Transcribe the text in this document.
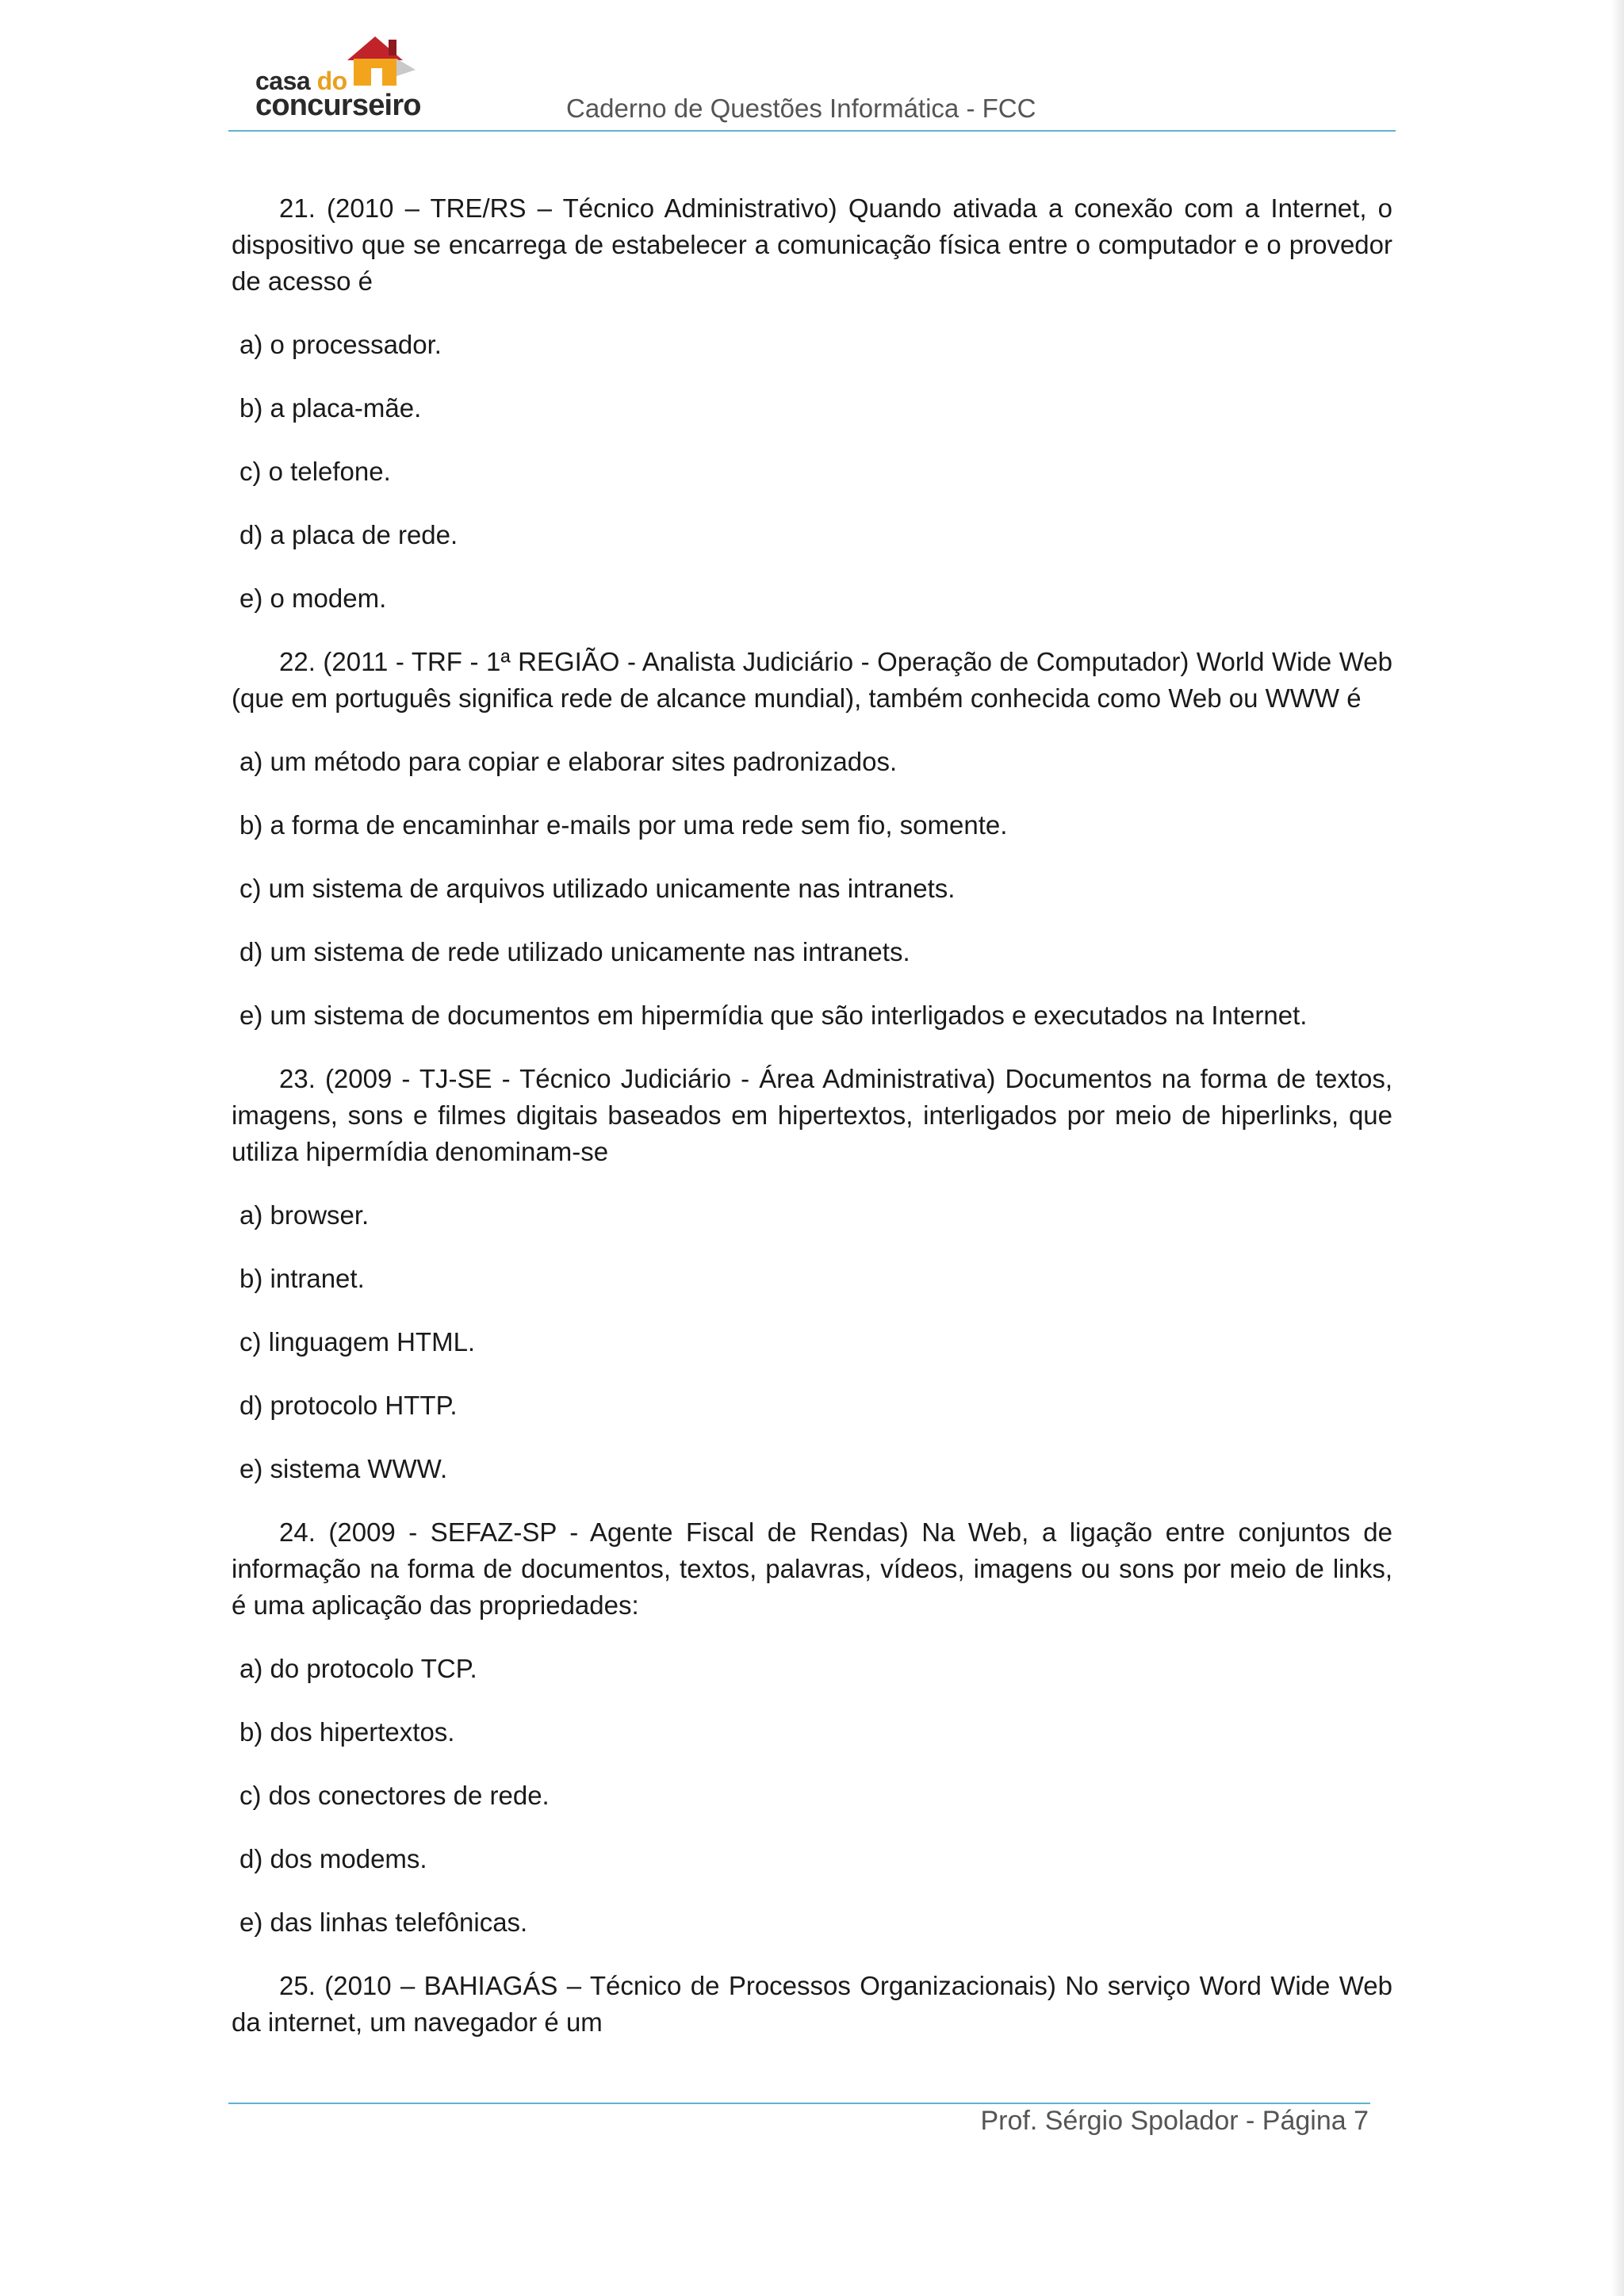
casa do
concurseiro	Caderno de Questões Informática - FCC

21. (2010 – TRE/RS – Técnico Administrativo) Quando ativada a conexão com a Internet, o dispositivo que se encarrega de estabelecer a comunicação física entre o computador e o provedor de acesso é

a) o processador.

b) a placa-mãe.

c) o telefone.

d) a placa de rede.

e) o modem.

22. (2011 - TRF - 1ª REGIÃO - Analista Judiciário - Operação de Computador) World Wide Web (que em português significa rede de alcance mundial), também conhecida como Web ou WWW é

a) um método para copiar e elaborar sites padronizados.

b) a forma de encaminhar e-mails por uma rede sem fio, somente.

c) um sistema de arquivos utilizado unicamente nas intranets.

d) um sistema de rede utilizado unicamente nas intranets.

e) um sistema de documentos em hipermídia que são interligados e executados na Internet.

23. (2009 - TJ-SE - Técnico Judiciário - Área Administrativa) Documentos na forma de textos, imagens, sons e filmes digitais baseados em hipertextos, interligados por meio de hiperlinks, que utiliza hipermídia denominam-se

a) browser.

b) intranet.

c) linguagem HTML.

d) protocolo HTTP.

e) sistema WWW.

24. (2009 - SEFAZ-SP - Agente Fiscal de Rendas) Na Web, a ligação entre conjuntos de informação na forma de documentos, textos, palavras, vídeos, imagens ou sons por meio de links, é uma aplicação das propriedades:

a) do protocolo TCP.

b) dos hipertextos.

c) dos conectores de rede.

d) dos modems.

e) das linhas telefônicas.

25. (2010 – BAHIAGÁS – Técnico de Processos Organizacionais) No serviço Word Wide Web da internet, um navegador é um

Prof. Sérgio Spolador - Página 7
